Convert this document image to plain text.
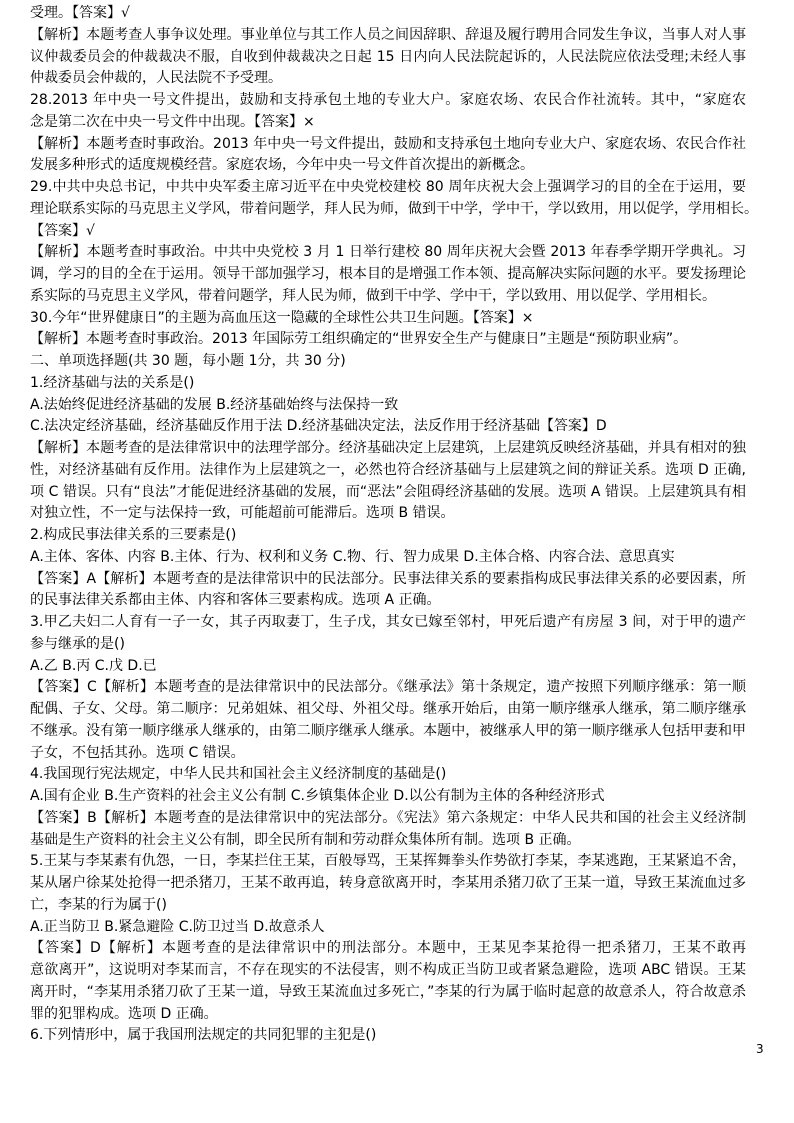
受理。【答案】√
【解析】本题考查人事争议处理。事业单位与其工作人员之间因辞职、辞退及履行聘用合同发生争议，当事人对人事
议仲裁委员会的仲裁裁决不服，自收到仲裁裁决之日起 15 日内向人民法院起诉的，人民法院应依法受理;未经人事
仲裁委员会仲裁的，人民法院不予受理。
28.2013 年中央一号文件提出，鼓励和支持承包土地的专业大户。家庭农场、农民合作社流转。其中，“家庭农
念是第二次在中央一号文件中出现。【答案】×
【解析】本题考查时事政治。2013 年中央一号文件提出，鼓励和支持承包土地向专业大户、家庭农场、农民合作社
发展多种形式的适度规模经营。家庭农场，今年中央一号文件首次提出的新概念。
29.中共中央总书记，中共中央军委主席习近平在中央党校建校 80 周年庆祝大会上强调学习的目的全在于运用，要
理论联系实际的马克思主义学风，带着问题学，拜人民为师，做到干中学，学中干，学以致用，用以促学，学用相长。
【答案】√
【解析】本题考查时事政治。中共中央党校 3 月 1 日举行建校 80 周年庆祝大会暨 2013 年春季学期开学典礼。习
调，学习的目的全在于运用。领导干部加强学习，根本目的是增强工作本领、提高解决实际问题的水平。要发扬理论
系实际的马克思主义学风，带着问题学，拜人民为师，做到干中学、学中干，学以致用、用以促学、学用相长。
30.今年“世界健康日”的主题为高血压这一隐藏的全球性公共卫生问题。【答案】×
【解析】本题考查时事政治。2013 年国际劳工组织确定的“世界安全生产与健康日”主题是“预防职业病”。
二、单项选择题(共 30 题，每小题 1分，共 30 分)
1.经济基础与法的关系是()
A.法始终促进经济基础的发展 B.经济基础始终与法保持一致
C.法决定经济基础，经济基础反作用于法 D.经济基础决定法，法反作用于经济基础【答案】D
【解析】本题考查的是法律常识中的法理学部分。经济基础决定上层建筑，上层建筑反映经济基础，并具有相对的独
性，对经济基础有反作用。法律作为上层建筑之一，必然也符合经济基础与上层建筑之间的辩证关系。选项 D 正确,
项 C 错误。只有“良法”才能促进经济基础的发展，而“恶法”会阻碍经济基础的发展。选项 A 错误。上层建筑具有相
对独立性，不一定与法保持一致，可能超前可能滞后。选项 B 错误。
2.构成民事法律关系的三要素是()
A.主体、客体、内容 B.主体、行为、权利和义务 C.物、行、智力成果 D.主体合格、内容合法、意思真实
【答案】A【解析】本题考查的是法律常识中的民法部分。民事法律关系的要素指构成民事法律关系的必要因素，所
的民事法律关系都由主体、内容和客体三要素构成。选项 A 正确。
3.甲乙夫妇二人育有一子一女，其子丙取妻丁，生子戊，其女已嫁至邻村，甲死后遗产有房屋 3 间，对于甲的遗产
参与继承的是()
A.乙 B.丙 C.戊 D.已
【答案】C【解析】本题考查的是法律常识中的民法部分。《继承法》第十条规定，遗产按照下列顺序继承：第一顺
配偶、子女、父母。第二顺序：兄弟姐妹、祖父母、外祖父母。继承开始后，由第一顺序继承人继承，第二顺序继承
不继承。没有第一顺序继承人继承的，由第二顺序继承人继承。本题中，被继承人甲的第一顺序继承人包括甲妻和甲
子女，不包括其孙。选项 C 错误。
4.我国现行宪法规定，中华人民共和国社会主义经济制度的基础是()
A.国有企业 B.生产资料的社会主义公有制 C.乡镇集体企业 D.以公有制为主体的各种经济形式
【答案】B【解析】本题考查的是法律常识中的宪法部分。《宪法》第六条规定：中华人民共和国的社会主义经济制
基础是生产资料的社会主义公有制，即全民所有制和劳动群众集体所有制。选项 B 正确。
5.王某与李某素有仇怨，一日，李某拦住王某，百般辱骂，王某挥舞拳头作势欲打李某，李某逃跑，王某紧追不舍，
某从屠户徐某处抢得一把杀猪刀，王某不敢再追，转身意欲离开时，李某用杀猪刀砍了王某一道，导致王某流血过多
亡，李某的行为属于()
A.正当防卫 B.紧急避险 C.防卫过当 D.故意杀人
【答案】D【解析】本题考查的是法律常识中的刑法部分。本题中，王某见李某抢得一把杀猪刀，王某不敢再
意欲离开”，这说明对李某而言，不存在现实的不法侵害，则不构成正当防卫或者紧急避险，选项 ABC 错误。王某
离开时，“李某用杀猪刀砍了王某一道，导致王某流血过多死亡，”李某的行为属于临时起意的故意杀人，符合故意杀
罪的犯罪构成。选项 D 正确。
6.下列情形中，属于我国刑法规定的共同犯罪的主犯是()
3
